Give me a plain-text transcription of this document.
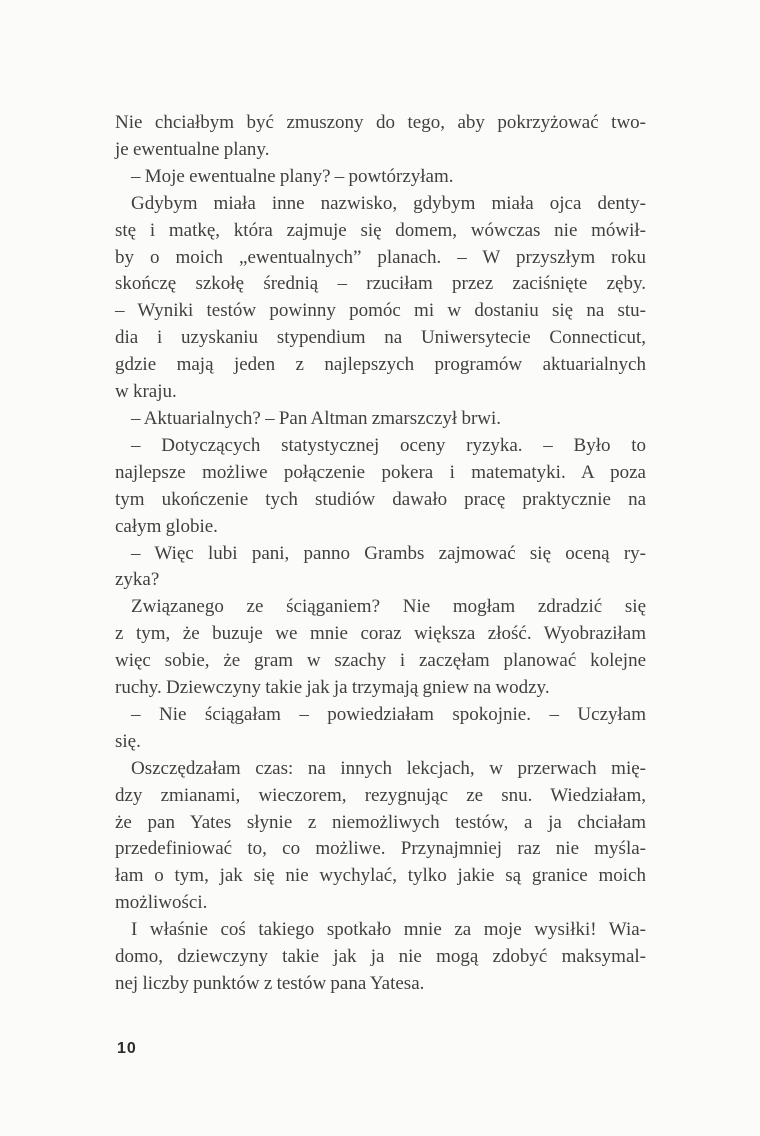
Nie chciałbym być zmuszony do tego, aby pokrzyżować two-
je ewentualne plany.
– Moje ewentualne plany? – powtórzyłam.
Gdybym miała inne nazwisko, gdybym miała ojca denty-
stę i matkę, która zajmuje się domem, wówczas nie mówił-
by o moich „ewentualnych” planach. – W przyszłym roku
skończę szkołę średnią – rzuciłam przez zaciśnięte zęby.
– Wyniki testów powinny pomóc mi w dostaniu się na stu-
dia i uzyskaniu stypendium na Uniwersytecie Connecticut,
gdzie mają jeden z najlepszych programów aktuarialnych
w kraju.
– Aktuarialnych? – Pan Altman zmarszczył brwi.
– Dotyczących statystycznej oceny ryzyka. – Było to
najlepsze możliwe połączenie pokera i matematyki. A poza
tym ukończenie tych studiów dawało pracę praktycznie na
całym globie.
– Więc lubi pani, panno Grambs zajmować się oceną ry-
zyka?
Związanego ze ściąganiem? Nie mogłam zdradzić się
z tym, że buzuje we mnie coraz większa złość. Wyobraziłam
więc sobie, że gram w szachy i zaczęłam planować kolejne
ruchy. Dziewczyny takie jak ja trzymają gniew na wodzy.
– Nie ściągałam – powiedziałam spokojnie. – Uczyłam
się.
Oszczędzałam czas: na innych lekcjach, w przerwach mię-
dzy zmianami, wieczorem, rezygnując ze snu. Wiedziałam,
że pan Yates słynie z niemożliwych testów, a ja chciałam
przedefiniować to, co możliwe. Przynajmniej raz nie myśla-
łam o tym, jak się nie wychylać, tylko jakie są granice moich
możliwości.
I właśnie coś takiego spotkało mnie za moje wysiłki! Wia-
domo, dziewczyny takie jak ja nie mogą zdobyć maksymal-
nej liczby punktów z testów pana Yatesa.
10
